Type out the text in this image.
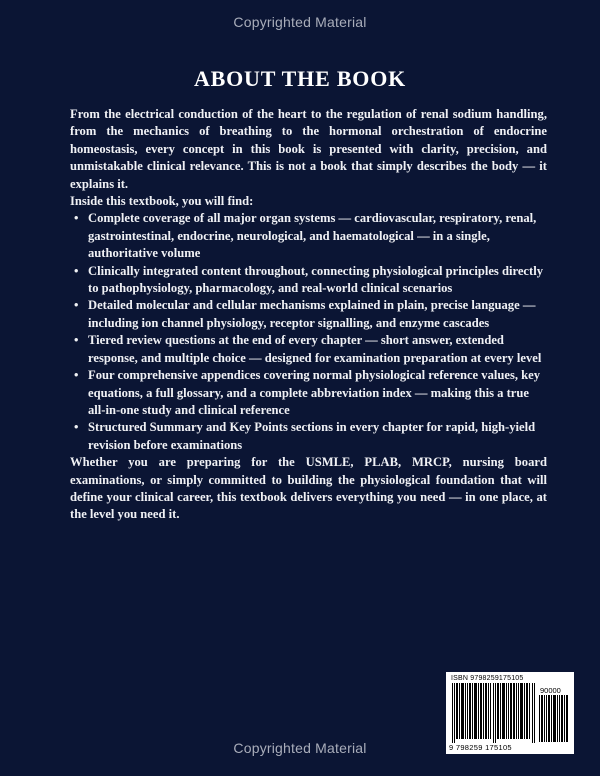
Copyrighted Material
ABOUT THE BOOK

From the electrical conduction of the heart to the regulation of renal sodium handling, from the mechanics of breathing to the hormonal orchestration of endocrine homeostasis, every concept in this book is presented with clarity, precision, and unmistakable clinical relevance. This is not a book that simply describes the body — it explains it.

Inside this textbook, you will find:

• Complete coverage of all major organ systems — cardiovascular, respiratory, renal, gastrointestinal, endocrine, neurological, and haematological — in a single, authoritative volume
• Clinically integrated content throughout, connecting physiological principles directly to pathophysiology, pharmacology, and real-world clinical scenarios
• Detailed molecular and cellular mechanisms explained in plain, precise language — including ion channel physiology, receptor signalling, and enzyme cascades
• Tiered review questions at the end of every chapter — short answer, extended response, and multiple choice — designed for examination preparation at every level
• Four comprehensive appendices covering normal physiological reference values, key equations, a full glossary, and a complete abbreviation index — making this a true all-in-one study and clinical reference
• Structured Summary and Key Points sections in every chapter for rapid, high-yield revision before examinations

Whether you are preparing for the USMLE, PLAB, MRCP, nursing board examinations, or simply committed to building the physiological foundation that will define your clinical career, this textbook delivers everything you need — in one place, at the level you need it.

ISBN 9798259175105
90000
9 798259 175105
Copyrighted Material
